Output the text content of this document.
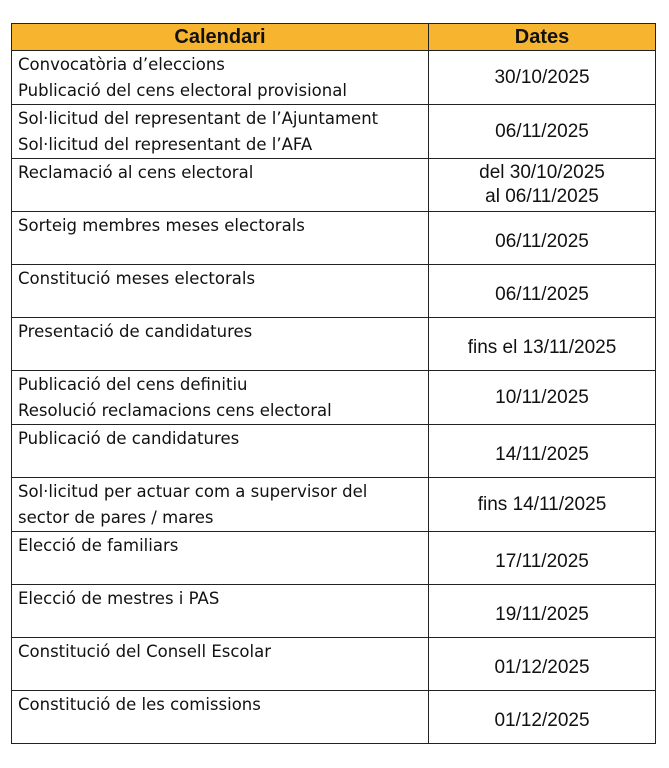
Calendari	Dates

Convocatòria d’eleccions
Publicació del cens electoral provisional	30/10/2025

Sol·licitud del representant de l’Ajuntament
Sol·licitud del representant de l’AFA	06/11/2025

Reclamació al cens electoral	del 30/10/2025
al 06/11/2025

Sorteig membres meses electorals	06/11/2025

Constitució meses electorals	06/11/2025

Presentació de candidatures	fins el 13/11/2025

Publicació del cens definitiu
Resolució reclamacions cens electoral	10/11/2025

Publicació de candidatures	14/11/2025

Sol·licitud per actuar com a supervisor del
sector de pares / mares	fins 14/11/2025

Elecció de familiars	17/11/2025

Elecció de mestres i PAS	19/11/2025

Constitució del Consell Escolar	01/12/2025

Constitució de les comissions	01/12/2025
